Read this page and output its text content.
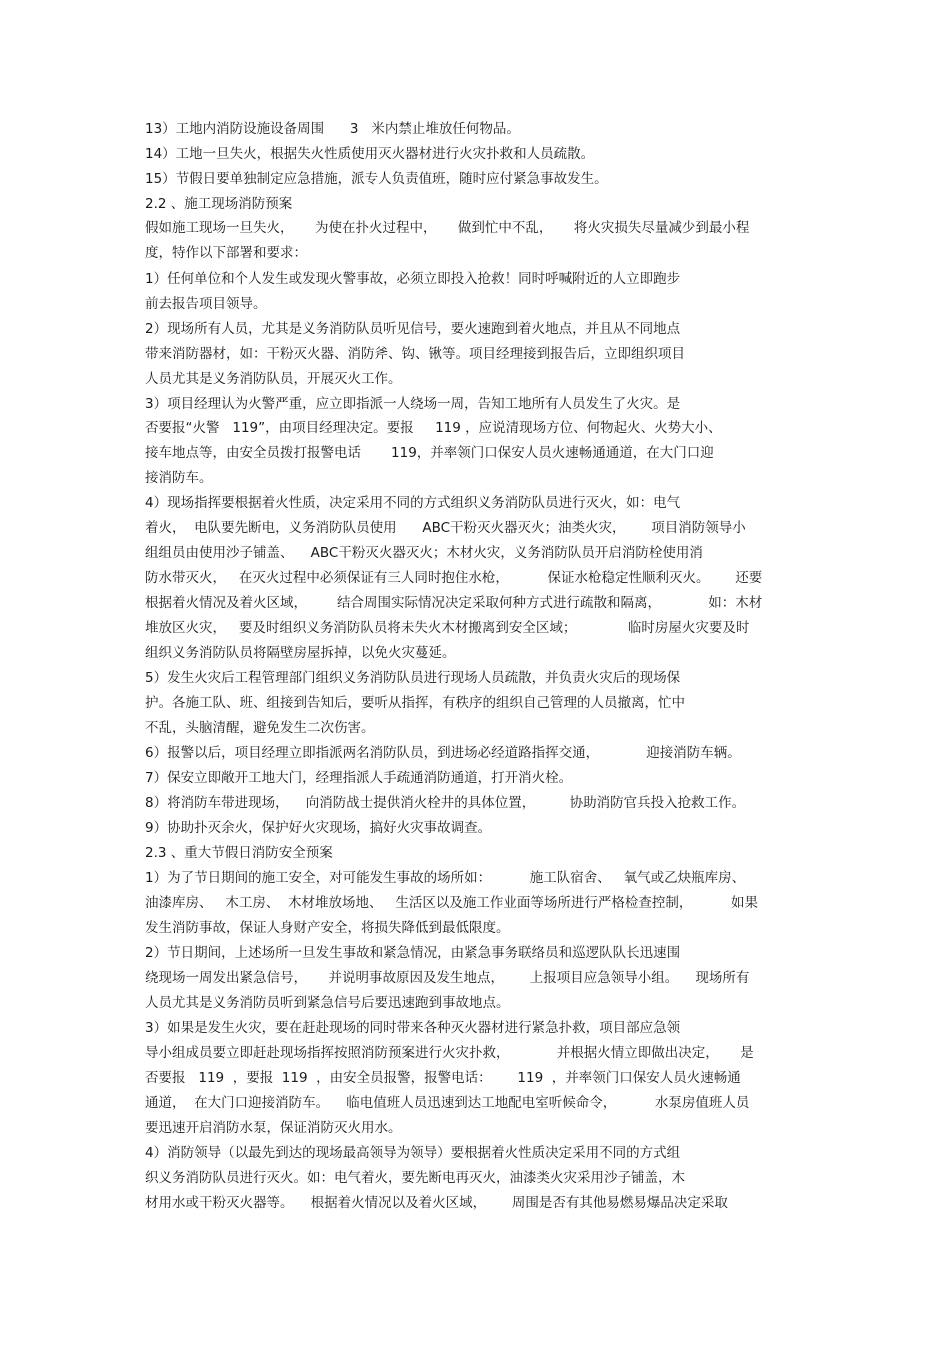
13）工地内消防设施设备周围      3   米内禁止堆放任何物品。
14）工地一旦失火，根据失火性质使用灭火器材进行火灾扑救和人员疏散。
15）节假日要单独制定应急措施，派专人负责值班，随时应付紧急事故发生。
2.2 、施工现场消防预案
假如施工现场一旦失火，     为使在扑火过程中，     做到忙中不乱，     将火灾损失尽量减少到最小程
度，特作以下部署和要求：
1）任何单位和个人发生或发现火警事故，必须立即投入抢救！同时呼喊附近的人立即跑步
前去报告项目领导。
2）现场所有人员，尤其是义务消防队员听见信号，要火速跑到着火地点，并且从不同地点
带来消防器材，如：干粉灭火器、消防斧、钩、锹等。项目经理接到报告后，立即组织项目
人员尤其是义务消防队员，开展灭火工作。
3）项目经理认为火警严重，应立即指派一人绕场一周，告知工地所有人员发生了火灾。是
否要报“火警   119”，由项目经理决定。要报     119 ，应说清现场方位、何物起火、火势大小、
接车地点等，由安全员拨打报警电话       119，并率领门口保安人员火速畅通通道，在大门口迎
接消防车。
4）现场指挥要根据着火性质，决定采用不同的方式组织义务消防队员进行灭火，如：电气
着火，  电队要先断电，义务消防队员使用      ABC干粉灭火器灭火；油类火灾，      项目消防领导小
组组员由使用沙子铺盖、    ABC干粉灭火器灭火；木材火灾，义务消防队员开启消防栓使用消
防水带灭火，   在灭火过程中必须保证有三人同时抱住水枪，         保证水枪稳定性顺利灭火。      还要
根据着火情况及着火区域，       结合周围实际情况决定采取何种方式进行疏散和隔离，           如：木材
堆放区火灾，   要及时组织义务消防队员将未失火木材搬离到安全区域；            临时房屋火灾要及时
组织义务消防队员将隔壁房屋拆掉，以免火灾蔓延。
5）发生火灾后工程管理部门组织义务消防队员进行现场人员疏散，并负责火灾后的现场保
护。各施工队、班、组接到告知后，要听从指挥，有秩序的组织自己管理的人员撤离，忙中
不乱，头脑清醒，避免发生二次伤害。
6）报警以后，项目经理立即指派两名消防队员，到进场必经道路指挥交通，           迎接消防车辆。
7）保安立即敞开工地大门，经理指派人手疏通消防通道，打开消火栓。
8）将消防车带进现场，    向消防战士提供消火栓井的具体位置，        协助消防官兵投入抢救工作。
9）协助扑灭余火，保护好火灾现场，搞好火灾事故调查。
2.3 、重大节假日消防安全预案
1）为了节日期间的施工安全，对可能发生事故的场所如：         施工队宿舍、   氧气或乙炔瓶库房、
油漆库房、   木工房、  木材堆放场地、   生活区以及施工作业面等场所进行严格检查控制，         如果
发生消防事故，保证人身财产安全，将损失降低到最低限度。
2）节日期间，上述场所一旦发生事故和紧急情况，由紧急事务联络员和巡逻队队长迅速围
绕现场一周发出紧急信号，     并说明事故原因及发生地点，      上报项目应急领导小组。    现场所有
人员尤其是义务消防员听到紧急信号后要迅速跑到事故地点。
3）如果是发生火灾，要在赶赴现场的同时带来各种灭火器材进行紧急扑救，项目部应急领
导小组成员要立即赶赴现场指挥按照消防预案进行火灾扑救，           并根据火情立即做出决定，     是
否要报   119  ，要报  119  ，由安全员报警，报警电话：      119  ，并率领门口保安人员火速畅通
通道，  在大门口迎接消防车。    临电值班人员迅速到达工地配电室听候命令，         水泵房值班人员
要迅速开启消防水泵，保证消防灭火用水。
4）消防领导（以最先到达的现场最高领导为领导）要根据着火性质决定采用不同的方式组
织义务消防队员进行灭火。如：电气着火，要先断电再灭火，油漆类火灾采用沙子铺盖，木
材用水或干粉灭火器等。    根据着火情况以及着火区域，      周围是否有其他易燃易爆品决定采取
